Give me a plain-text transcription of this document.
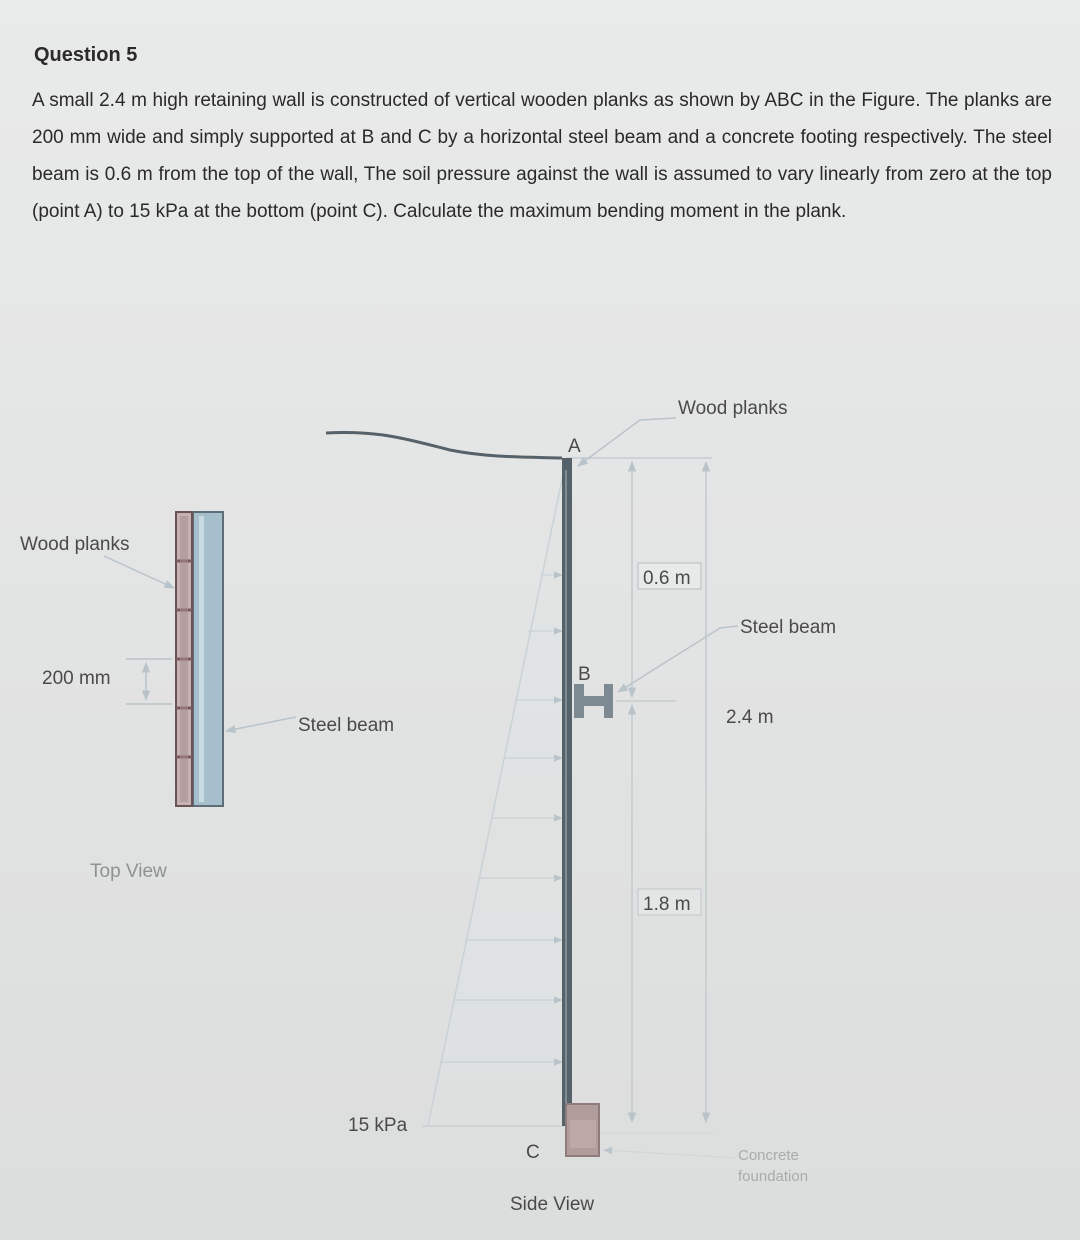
Question 5
A small 2.4 m high retaining wall is constructed of vertical wooden planks as shown by ABC in the Figure. The planks are 200 mm wide and simply supported at B and C by a horizontal steel beam and a concrete footing respectively. The steel beam is 0.6 m from the top of the wall, The soil pressure against the wall is assumed to vary linearly from zero at the top (point A) to 15 kPa at the bottom (point C). Calculate the maximum bending moment in the plank.
Wood planks
200 mm
Steel beam
Top View
A
B
C
Wood planks
Steel beam
0.6 m
1.8 m
2.4 m
15 kPa
Concrete
foundation
Side View
